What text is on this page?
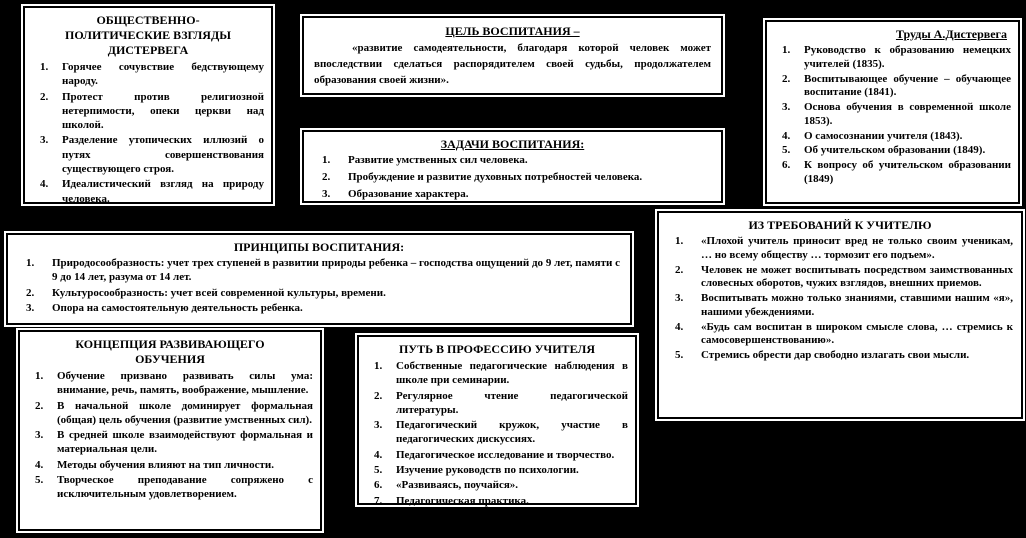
ОБЩЕСТВЕННО-ПОЛИТИЧЕСКИЕ ВЗГЛЯДЫ ДИСТЕРВЕГА
Горячее сочувствие бедствующему народу.
Протест против религиозной нетерпимости, опеки церкви над школой.
Разделение утопических иллюзий о путях совершенствования существующего строя.
Идеалистический взгляд на природу человека.
ЦЕЛЬ ВОСПИТАНИЯ –

«развитие самодеятельности, благодаря которой человек может впоследствии сделаться распорядителем своей судьбы, продолжателем образования своей жизни».

Труды А.Дистервега
Руководство к образованию немецких учителей (1835).
Воспитывающее обучение – обучающее воспитание (1841).
Основа обучения в современной школе 1853).
О самосознании учителя (1843).
Об учительском образовании (1849).
К вопросу об учительском образовании (1849)
ЗАДАЧИ ВОСПИТАНИЯ:
Развитие умственных сил человека.
Пробуждение и развитие духовных потребностей человека.
Образование характера.
ИЗ ТРЕБОВАНИЙ К УЧИТЕЛЮ
«Плохой учитель приносит вред не только своим ученикам, … но всему обществу … тормозит его подъем».
Человек не может воспитывать посредством заимствованных словесных оборотов, чужих взглядов, внешних приемов.
Воспитывать можно только знаниями, ставшими нашим «я», нашими убеждениями.
«Будь сам воспитан в широком смысле слова, … стремись к самосовершенствованию».
Стремись обрести дар свободно излагать свои мысли.
ПРИНЦИПЫ ВОСПИТАНИЯ:
Природосообразность: учет трех ступеней в развитии природы ребенка – господства ощущений до 9 лет, памяти с 9 до 14 лет, разума от 14 лет.
Культуросообразность: учет всей современной культуры, времени.
Опора на самостоятельную деятельность ребенка.
КОНЦЕПЦИЯ РАЗВИВАЮЩЕГО ОБУЧЕНИЯ
Обучение призвано развивать силы ума: внимание, речь, память, воображение, мышление.
В начальной школе доминирует формальная (общая) цель обучения (развитие умственных сил).
В средней школе взаимодействуют формальная и материальная цели.
Методы обучения влияют на тип личности.
Творческое преподавание сопряжено с исключительным удовлетворением.
ПУТЬ В ПРОФЕССИЮ УЧИТЕЛЯ
Собственные педагогические наблюдения в школе при семинарии.
Регулярное чтение педагогической литературы.
Педагогический кружок, участие в педагогических дискуссиях.
Педагогическое исследование и творчество.
Изучение руководств по психологии.
«Развиваясь, поучайся».
Педагогическая практика.
